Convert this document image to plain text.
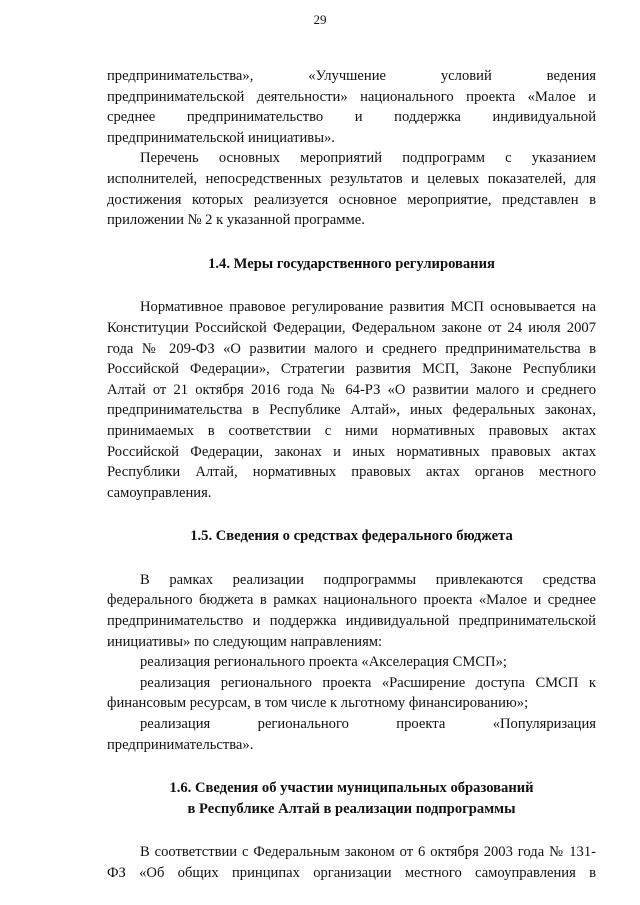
29
предпринимательства», «Улучшение условий ведения
предпринимательской деятельности» национального проекта «Малое и
среднее предпринимательство и поддержка индивидуальной
предпринимательской инициативы».
Перечень основных мероприятий подпрограмм с указанием
исполнителей, непосредственных результатов и целевых показателей, для
достижения которых реализуется основное мероприятие, представлен в
приложении № 2 к указанной программе.
1.4. Меры государственного регулирования
Нормативное правовое регулирование развития МСП основывается на
Конституции Российской Федерации, Федеральном законе от 24 июля 2007
года № 209-ФЗ «О развитии малого и среднего предпринимательства в
Российской Федерации», Стратегии развития МСП, Законе Республики
Алтай от 21 октября 2016 года № 64-РЗ «О развитии малого и среднего
предпринимательства в Республике Алтай», иных федеральных законах,
принимаемых в соответствии с ними нормативных правовых актах
Российской Федерации, законах и иных нормативных правовых актах
Республики Алтай, нормативных правовых актах органов местного
самоуправления.
1.5. Сведения о средствах федерального бюджета
В рамках реализации подпрограммы привлекаются средства
федерального бюджета в рамках национального проекта «Малое и среднее
предпринимательство и поддержка индивидуальной предпринимательской
инициативы» по следующим направлениям:
реализация регионального проекта «Акселерация СМСП»;
реализация регионального проекта «Расширение доступа СМСП к
финансовым ресурсам, в том числе к льготному финансированию»;
реализация регионального проекта «Популяризация
предпринимательства».
1.6. Сведения об участии муниципальных образований
в Республике Алтай в реализации подпрограммы
В соответствии с Федеральным законом от 6 октября 2003 года № 131-
ФЗ «Об общих принципах организации местного самоуправления в
